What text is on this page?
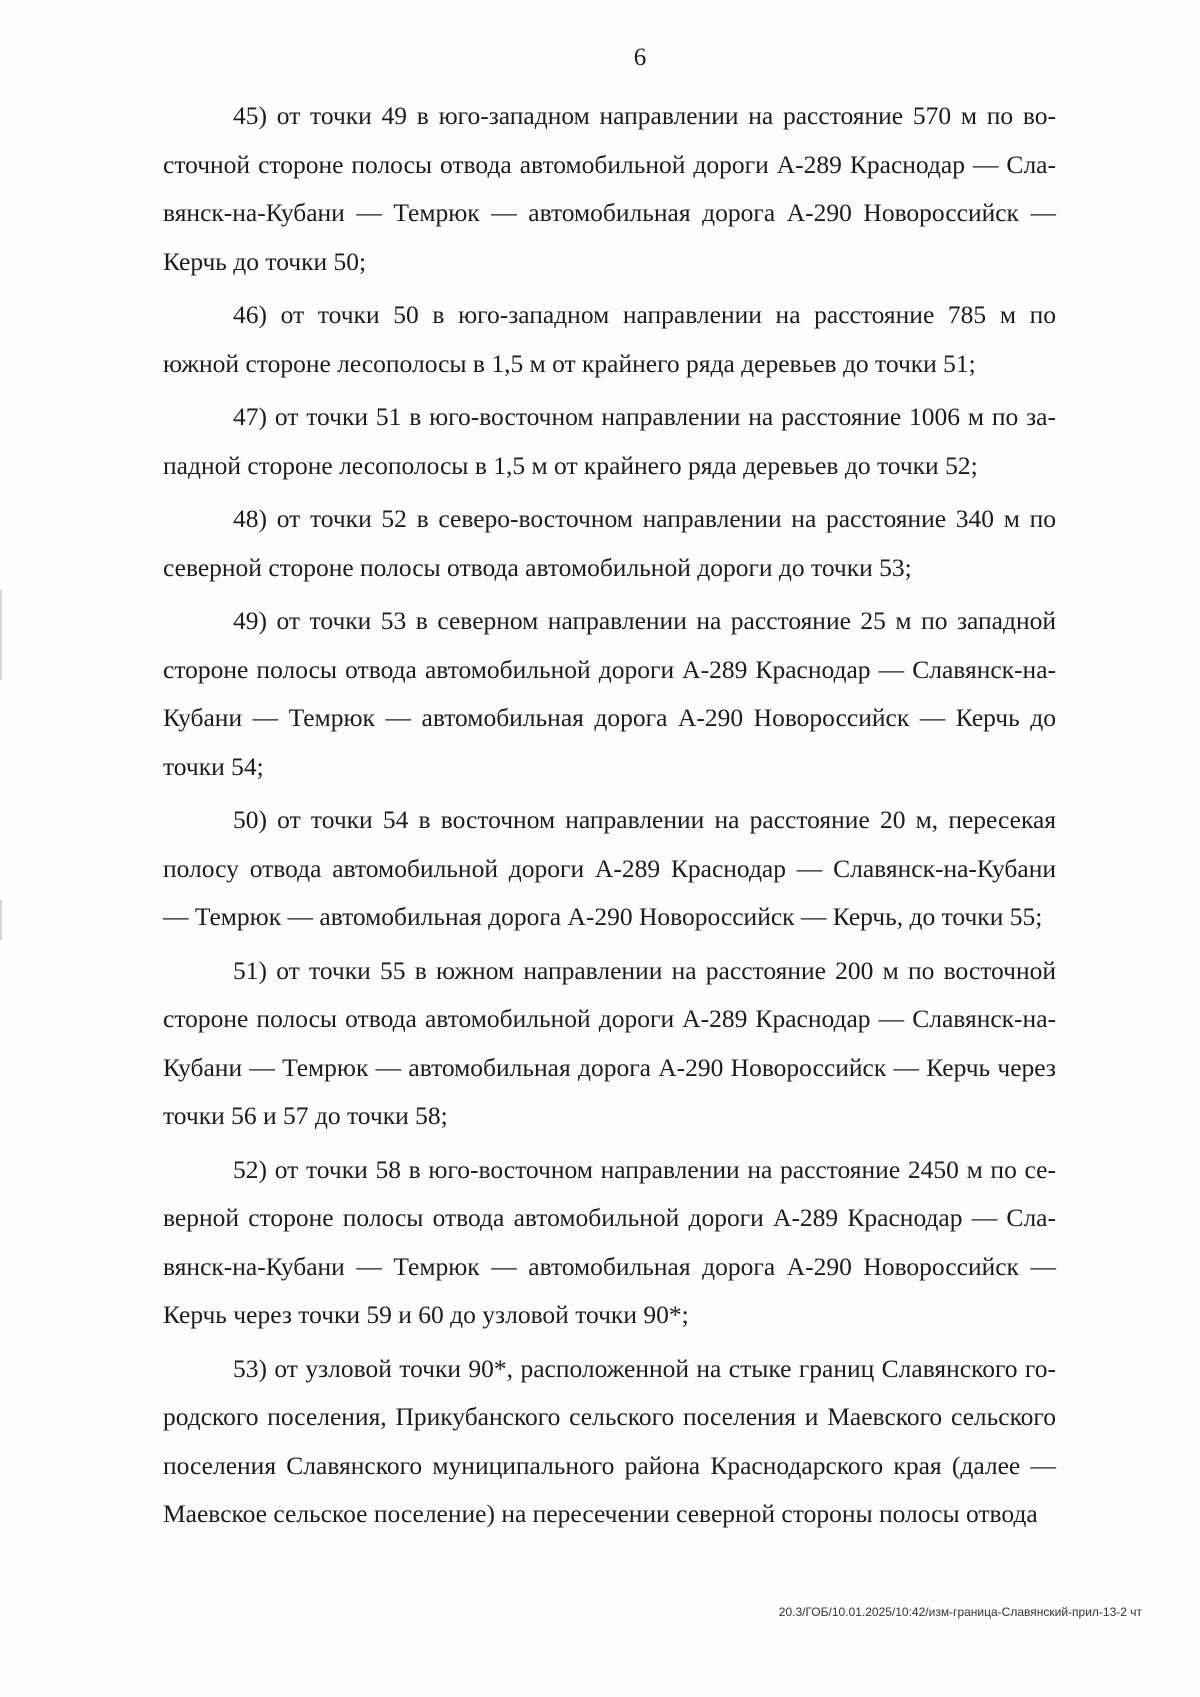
6

45) от точки 49 в юго-западном направлении на расстояние 570 м по восточной стороне полосы отвода автомобильной дороги А-289 Краснодар — Славянск-на-Кубани — Темрюк — автомобильная дорога А-290 Новороссийск — Керчь до точки 50;

46) от точки 50 в юго-западном направлении на расстояние 785 м по южной стороне лесополосы в 1,5 м от крайнего ряда деревьев до точки 51;

47) от точки 51 в юго-восточном направлении на расстояние 1006 м по западной стороне лесополосы в 1,5 м от крайнего ряда деревьев до точки 52;

48) от точки 52 в северо-восточном направлении на расстояние 340 м по северной стороне полосы отвода автомобильной дороги до точки 53;

49) от точки 53 в северном направлении на расстояние 25 м по западной стороне полосы отвода автомобильной дороги А-289 Краснодар — Славянск-на-Кубани — Темрюк — автомобильная дорога А-290 Новороссийск — Керчь до точки 54;

50) от точки 54 в восточном направлении на расстояние 20 м, пересекая полосу отвода автомобильной дороги А-289 Краснодар — Славянск-на-Кубани — Темрюк — автомобильная дорога А-290 Новороссийск — Керчь, до точки 55;

51) от точки 55 в южном направлении на расстояние 200 м по восточной стороне полосы отвода автомобильной дороги А-289 Краснодар — Славянск-на-Кубани — Темрюк — автомобильная дорога А-290 Новороссийск — Керчь через точки 56 и 57 до точки 58;

52) от точки 58 в юго-восточном направлении на расстояние 2450 м по северной стороне полосы отвода автомобильной дороги А-289 Краснодар — Славянск-на-Кубани — Темрюк — автомобильная дорога А-290 Новороссийск — Керчь через точки 59 и 60 до узловой точки 90*;

53) от узловой точки 90*, расположенной на стыке границ Славянского городского поселения, Прикубанского сельского поселения и Маевского сельского поселения Славянского муниципального района Краснодарского края (далее — Маевское сельское поселение) на пересечении северной стороны полосы отвода

20.3/ГОБ/10.01.2025/10:42/изм-граница-Славянский-прил-13-2 чт
